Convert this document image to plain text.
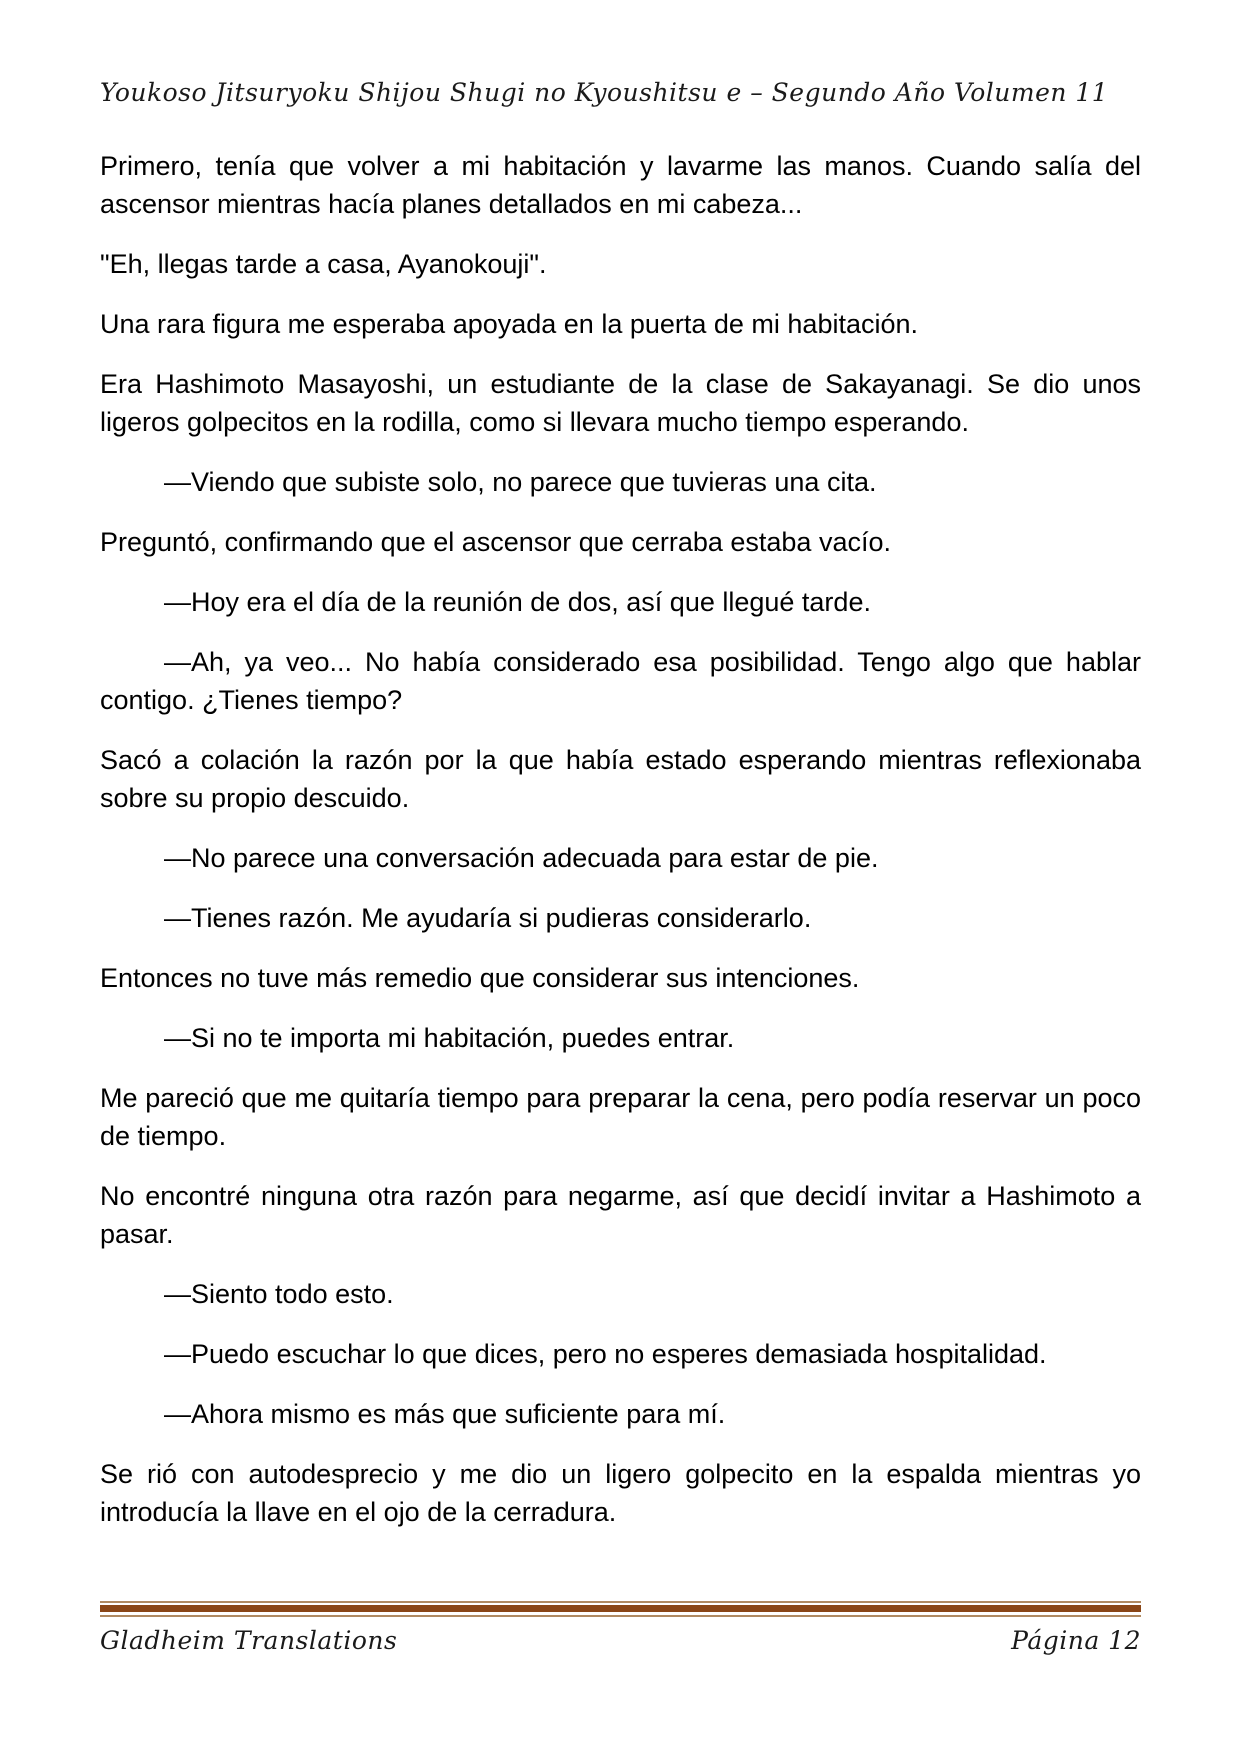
Youkoso Jitsuryoku Shijou Shugi no Kyoushitsu e – Segundo Año Volumen 11

Primero, tenía que volver a mi habitación y lavarme las manos. Cuando salía del ascensor mientras hacía planes detallados en mi cabeza...

"Eh, llegas tarde a casa, Ayanokouji".

Una rara figura me esperaba apoyada en la puerta de mi habitación.

Era Hashimoto Masayoshi, un estudiante de la clase de Sakayanagi. Se dio unos ligeros golpecitos en la rodilla, como si llevara mucho tiempo esperando.

—Viendo que subiste solo, no parece que tuvieras una cita.

Preguntó, confirmando que el ascensor que cerraba estaba vacío.

—Hoy era el día de la reunión de dos, así que llegué tarde.

—Ah, ya veo... No había considerado esa posibilidad. Tengo algo que hablar contigo. ¿Tienes tiempo?

Sacó a colación la razón por la que había estado esperando mientras reflexionaba sobre su propio descuido.

—No parece una conversación adecuada para estar de pie.

—Tienes razón. Me ayudaría si pudieras considerarlo.

Entonces no tuve más remedio que considerar sus intenciones.

—Si no te importa mi habitación, puedes entrar.

Me pareció que me quitaría tiempo para preparar la cena, pero podía reservar un poco de tiempo.

No encontré ninguna otra razón para negarme, así que decidí invitar a Hashimoto a pasar.

—Siento todo esto.

—Puedo escuchar lo que dices, pero no esperes demasiada hospitalidad.

—Ahora mismo es más que suficiente para mí.

Se rió con autodesprecio y me dio un ligero golpecito en la espalda mientras yo introducía la llave en el ojo de la cerradura.

Gladheim Translations	Página 12
